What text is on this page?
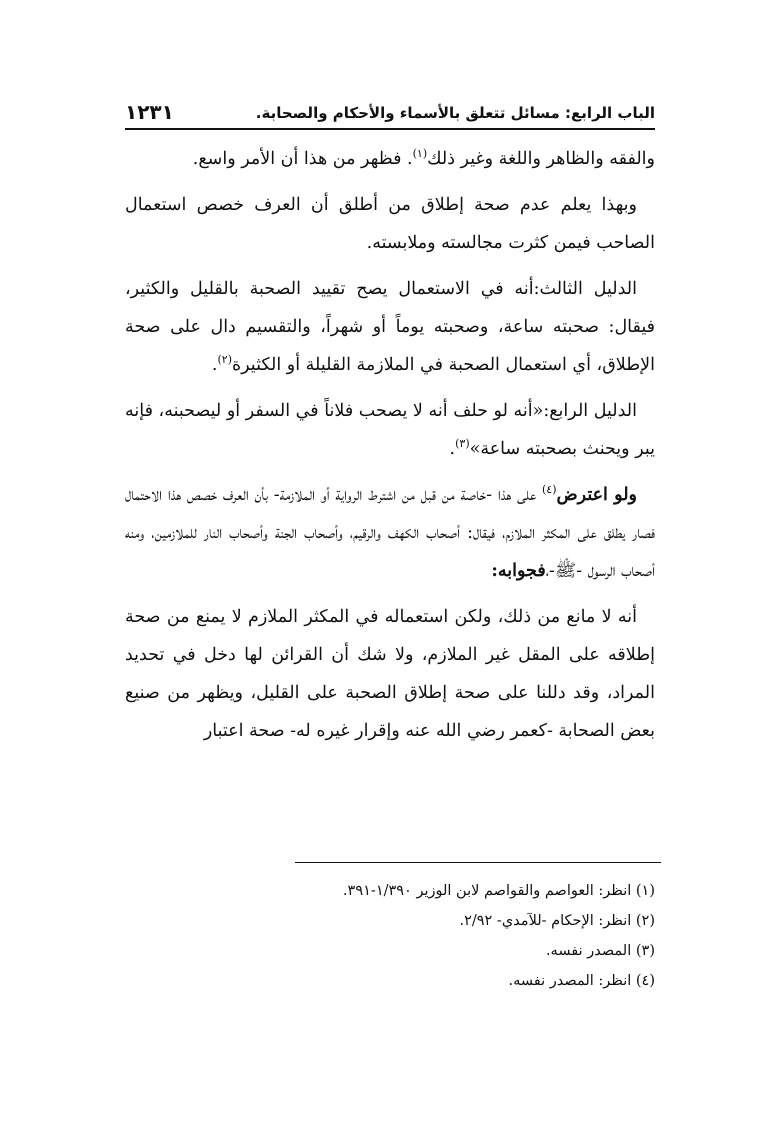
الباب الرابع: مسائل تتعلق بالأسماء والأحكام والصحابة.
١٢٣١

والفقه والظاهر واللغة وغير ذلك$^{(١)}$. فظهر من هذا أن الأمر واسع.

وبهذا يعلم عدم صحة إطلاق من أطلق أن العرف خصص استعمال الصاحب فيمن كثرت مجالسته وملابسته.

الدليل الثالث:أنه في الاستعمال يصح تقييد الصحبة بالقليل والكثير، فيقال: صحبته ساعة، وصحبته يوماً أو شهراً، والتقسيم دال على صحة الإطلاق، أي استعمال الصحبة في الملازمة القليلة أو الكثيرة$^{(٢)}$.

الدليل الرابع:«أنه لو حلف أنه لا يصحب فلاناً في السفر أو ليصحبنه، فإنه يبر ويحنث بصحبته ساعة»$^{(٣)}$.

ولو اعترض$^{(٤)}$ على هذا -خاصة من قبل من اشترط الرواية أو الملازمة- بأن العرف خصص هذا الاحتمال فصار يطلق على المكثر الملازم، فيقال: أصحاب الكهف والرقيم، وأصحاب الجنة وأصحاب النار للملازمين، ومنه أصحاب الرسول -ﷺ-،فجوابه:

أنه لا مانع من ذلك، ولكن استعماله في المكثر الملازم لا يمنع من صحة إطلاقه على المقل غير الملازم، ولا شك أن القرائن لها دخل في تحديد المراد، وقد دللنا على صحة إطلاق الصحبة على القليل، ويظهر من صنيع بعض الصحابة -كعمر رضي الله عنه وإقرار غيره له- صحة اعتبار

(١) انظر: العواصم والقواصم لابن الوزير ١/٣٩٠-٣٩١.
(٢) انظر: الإحكام -للآمدي- ٢/٩٢.
(٣) المصدر نفسه.
(٤) انظر: المصدر نفسه.
